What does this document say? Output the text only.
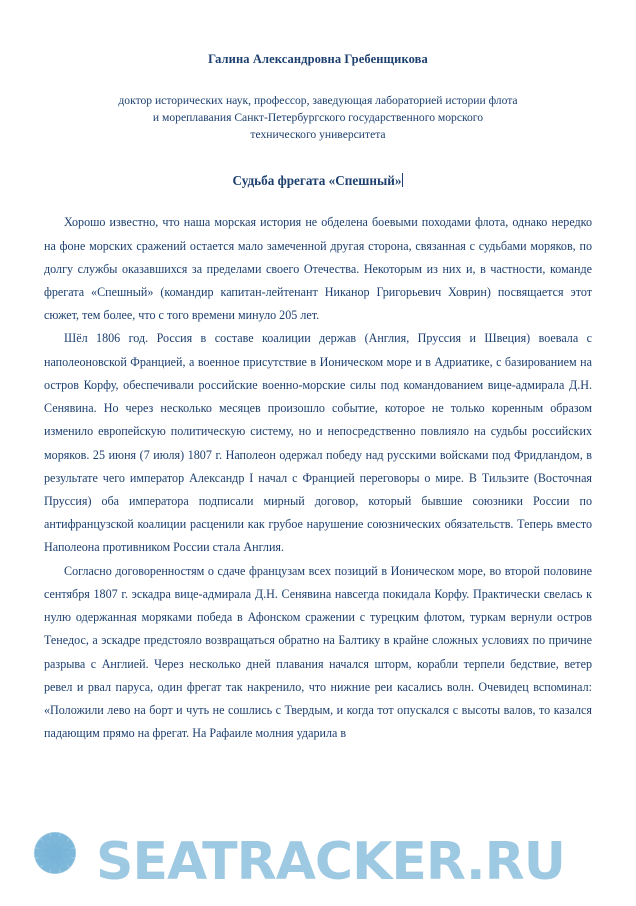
Галина Александровна Гребенщикова
доктор исторических наук, профессор, заведующая лабораторией истории флота
и мореплавания Санкт-Петербургского государственного морского
технического университета
Судьба фрегата «Спешный»

Хорошо известно, что наша морская история не обделена боевыми походами флота, однако нередко на фоне морских сражений остается мало замеченной другая сторона, связанная с судьбами моряков, по долгу службы оказавшихся за пределами своего Отечества. Некоторым из них и, в частности, команде фрегата «Спешный» (командир капитан-лейтенант Никанор Григорьевич Ховрин) посвящается этот сюжет, тем более, что с того времени минуло 205 лет.

Шёл 1806 год. Россия в составе коалиции держав (Англия, Пруссия и Швеция) воевала с наполеоновской Францией, а военное присутствие в Ионическом море и в Адриатике, с базированием на остров Корфу, обеспечивали российские военно-морские силы под командованием вице-адмирала Д.Н. Сенявина. Но через несколько месяцев произошло событие, которое не только коренным образом изменило европейскую политическую систему, но и непосредственно повлияло на судьбы российских моряков. 25 июня (7 июля) 1807 г. Наполеон одержал победу над русскими войсками под Фридландом, в результате чего император Александр I начал с Францией переговоры о мире. В Тильзите (Восточная Пруссия) оба императора подписали мирный договор, который бывшие союзники России по антифранцузской коалиции расценили как грубое нарушение союзнических обязательств. Теперь вместо Наполеона противником России стала Англия.

Согласно договоренностям о сдаче французам всех позиций в Ионическом море, во второй половине сентября 1807 г. эскадра вице-адмирала Д.Н. Сенявина навсегда покидала Корфу. Практически свелась к нулю одержанная моряками победа в Афонском сражении с турецким флотом, туркам вернули остров Тенедос, а эскадре предстояло возвращаться обратно на Балтику в крайне сложных условиях по причине разрыва с Англией. Через несколько дней плавания начался шторм, корабли терпели бедствие, ветер ревел и рвал паруса, один фрегат так накренило, что нижние реи касались волн. Очевидец вспоминал: «Положили лево на борт и чуть не сошлись с Твердым, и когда тот опускался с высоты валов, то казался падающим прямо на фрегат. На Рафаиле молния ударила в

SEATRACKER.RU
